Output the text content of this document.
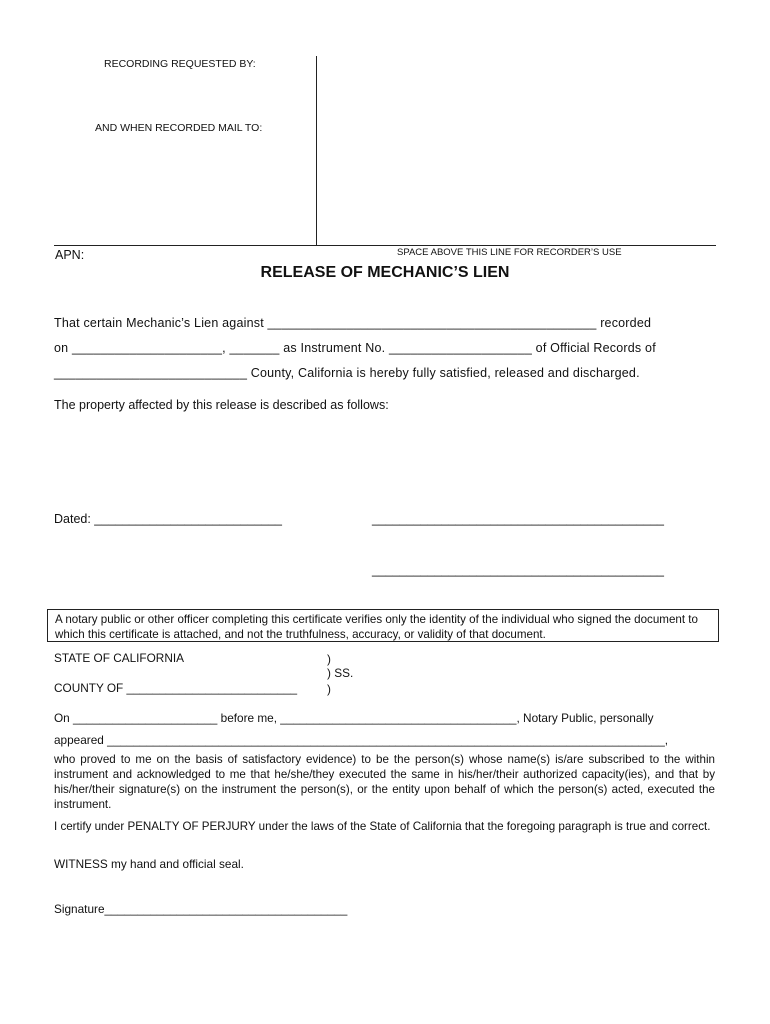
RECORDING REQUESTED BY:
AND WHEN RECORDED MAIL TO:
APN:	SPACE ABOVE THIS LINE FOR RECORDER’S USE
RELEASE OF MECHANIC’S LIEN
That certain Mechanic’s Lien against ______________________________________________ recorded
on _____________________, _______ as Instrument No. ____________________ of Official Records of
___________________________ County, California is hereby fully satisfied, released and discharged.
The property affected by this release is described as follows:
Dated: ___________________________	__________________________________________
__________________________________________
A notary public or other officer completing this certificate verifies only the identity of the individual who signed the document to which this certificate is attached, and not the truthfulness, accuracy, or validity of that document.
STATE OF CALIFORNIA	)
) SS.
COUNTY OF __________________________	)
On ______________________ before me, ____________________________________, Notary Public, personally
appeared _____________________________________________________________________________________,
who proved to me on the basis of satisfactory evidence) to be the person(s) whose name(s) is/are subscribed to the within instrument and acknowledged to me that he/she/they executed the same in his/her/their authorized capacity(ies), and that by his/her/their signature(s) on the instrument the person(s), or the entity upon behalf of which the person(s) acted, executed the instrument.
I certify under PENALTY OF PERJURY under the laws of the State of California that the foregoing paragraph is true and correct.
WITNESS my hand and official seal.
Signature_____________________________________
